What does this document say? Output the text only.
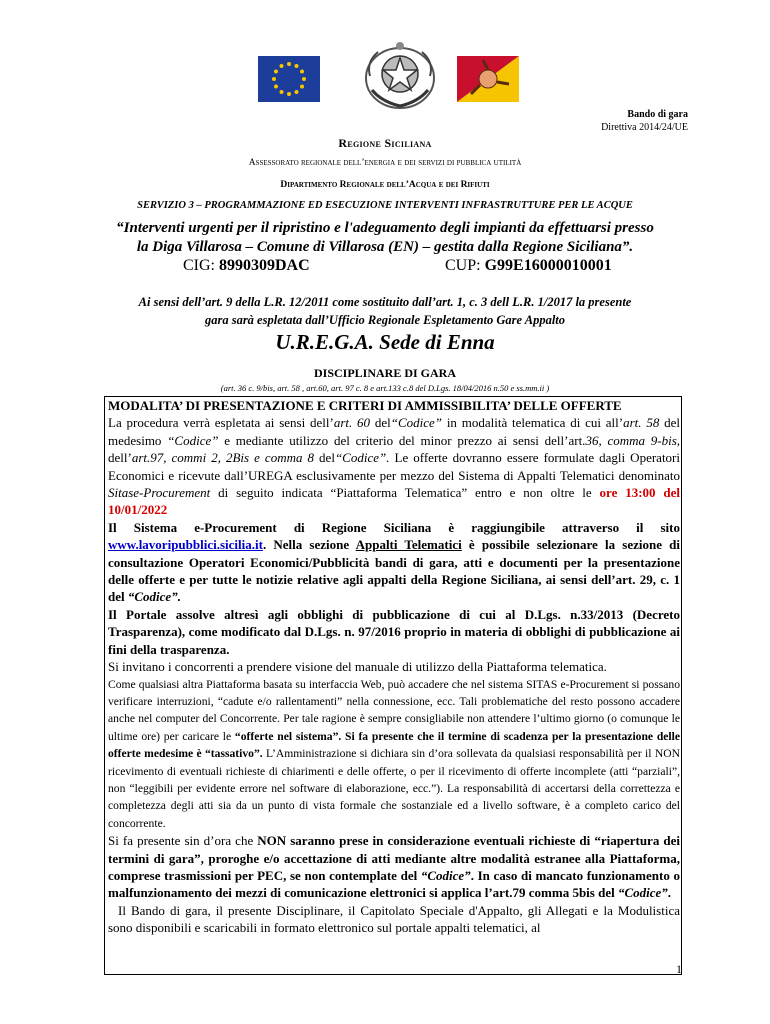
Bando di gara
Direttiva 2014/24/UE
Regione Siciliana
Assessorato regionale dell’energia e dei servizi di pubblica utilità
Dipartimento Regionale dell’Acqua e dei Rifiuti
SERVIZIO 3 – PROGRAMMAZIONE ED ESECUZIONE INTERVENTI INFRASTRUTTURE PER LE ACQUE
“Interventi urgenti per il ripristino e l'adeguamento degli impianti da effettuarsi presso
la Diga Villarosa – Comune di Villarosa (EN) – gestita dalla Regione Siciliana”.
CIG: 8990309DAC	CUP: G99E16000010001
Ai sensi dell’art. 9 della L.R. 12/2011 come sostituito dall’art. 1, c. 3 dell L.R. 1/2017 la presente
gara sarà espletata dall’Ufficio Regionale Espletamento Gare Appalto
U.R.E.G.A. Sede di Enna
DISCIPLINARE DI GARA
(art. 36 c. 9/bis, art. 58 , art.60, art. 97 c. 8 e art.133 c.8 del D.Lgs. 18/04/2016 n.50 e ss.mm.ii )

MODALITA’ DI PRESENTAZIONE E CRITERI DI AMMISSIBILITA’ DELLE OFFERTE

La procedura verrà espletata ai sensi dell’art. 60 del“Codice” in modalità telematica di cui all’art. 58 del medesimo “Codice” e mediante utilizzo del criterio del minor prezzo ai sensi dell’art.36, comma 9-bis, dell’art.97, commi 2, 2Bis e comma 8 del“Codice”. Le offerte dovranno essere formulate dagli Operatori Economici e ricevute dall’UREGA esclusivamente per mezzo del Sistema di Appalti Telematici denominato Sitase-Procurement di seguito indicata “Piattaforma Telematica” entro e non oltre le ore 13:00 del 10/01/2022

Il Sistema e-Procurement di Regione Siciliana è raggiungibile attraverso il sito www.lavoripubblici.sicilia.it. Nella sezione Appalti Telematici è possibile selezionare la sezione di consultazione Operatori Economici/Pubblicità bandi di gara, atti e documenti per la presentazione delle offerte e per tutte le notizie relative agli appalti della Regione Siciliana, ai sensi dell’art. 29, c. 1 del “Codice”.

Il Portale assolve altresì agli obblighi di pubblicazione di cui al D.Lgs. n.33/2013 (Decreto Trasparenza), come modificato dal D.Lgs. n. 97/2016 proprio in materia di obblighi di pubblicazione ai fini della trasparenza.

Si invitano i concorrenti a prendere visione del manuale di utilizzo della Piattaforma telematica.

Come qualsiasi altra Piattaforma basata su interfaccia Web, può accadere che nel sistema SITAS e-Procurement si possano verificare interruzioni, “cadute e/o rallentamenti” nella connessione, ecc. Tali problematiche del resto possono accadere anche nel computer del Concorrente. Per tale ragione è sempre consigliabile non attendere l’ultimo giorno (o comunque le ultime ore) per caricare le “offerte nel sistema”. Si fa presente che il termine di scadenza per la presentazione delle offerte medesime è “tassativo”. L’Amministrazione si dichiara sin d’ora sollevata da qualsiasi responsabilità per il NON ricevimento di eventuali richieste di chiarimenti e delle offerte, o per il ricevimento di offerte incomplete (atti “parziali”, non “leggibili per evidente errore nel software di elaborazione, ecc.”). La responsabilità di accertarsi della correttezza e completezza degli atti sia da un punto di vista formale che sostanziale ed a livello software, è a completo carico del concorrente.

Si fa presente sin d’ora che NON saranno prese in considerazione eventuali richieste di “riapertura dei termini di gara”, proroghe e/o accettazione di atti mediante altre modalità estranee alla Piattaforma, comprese trasmissioni per PEC, se non contemplate del “Codice”. In caso di mancato funzionamento o malfunzionamento dei mezzi di comunicazione elettronici si applica l’art.79 comma 5bis del “Codice”.

Il Bando di gara, il presente Disciplinare, il Capitolato Speciale d'Appalto, gli Allegati e la Modulistica sono disponibili e scaricabili in formato elettronico sul portale appalti telematici, al

1
